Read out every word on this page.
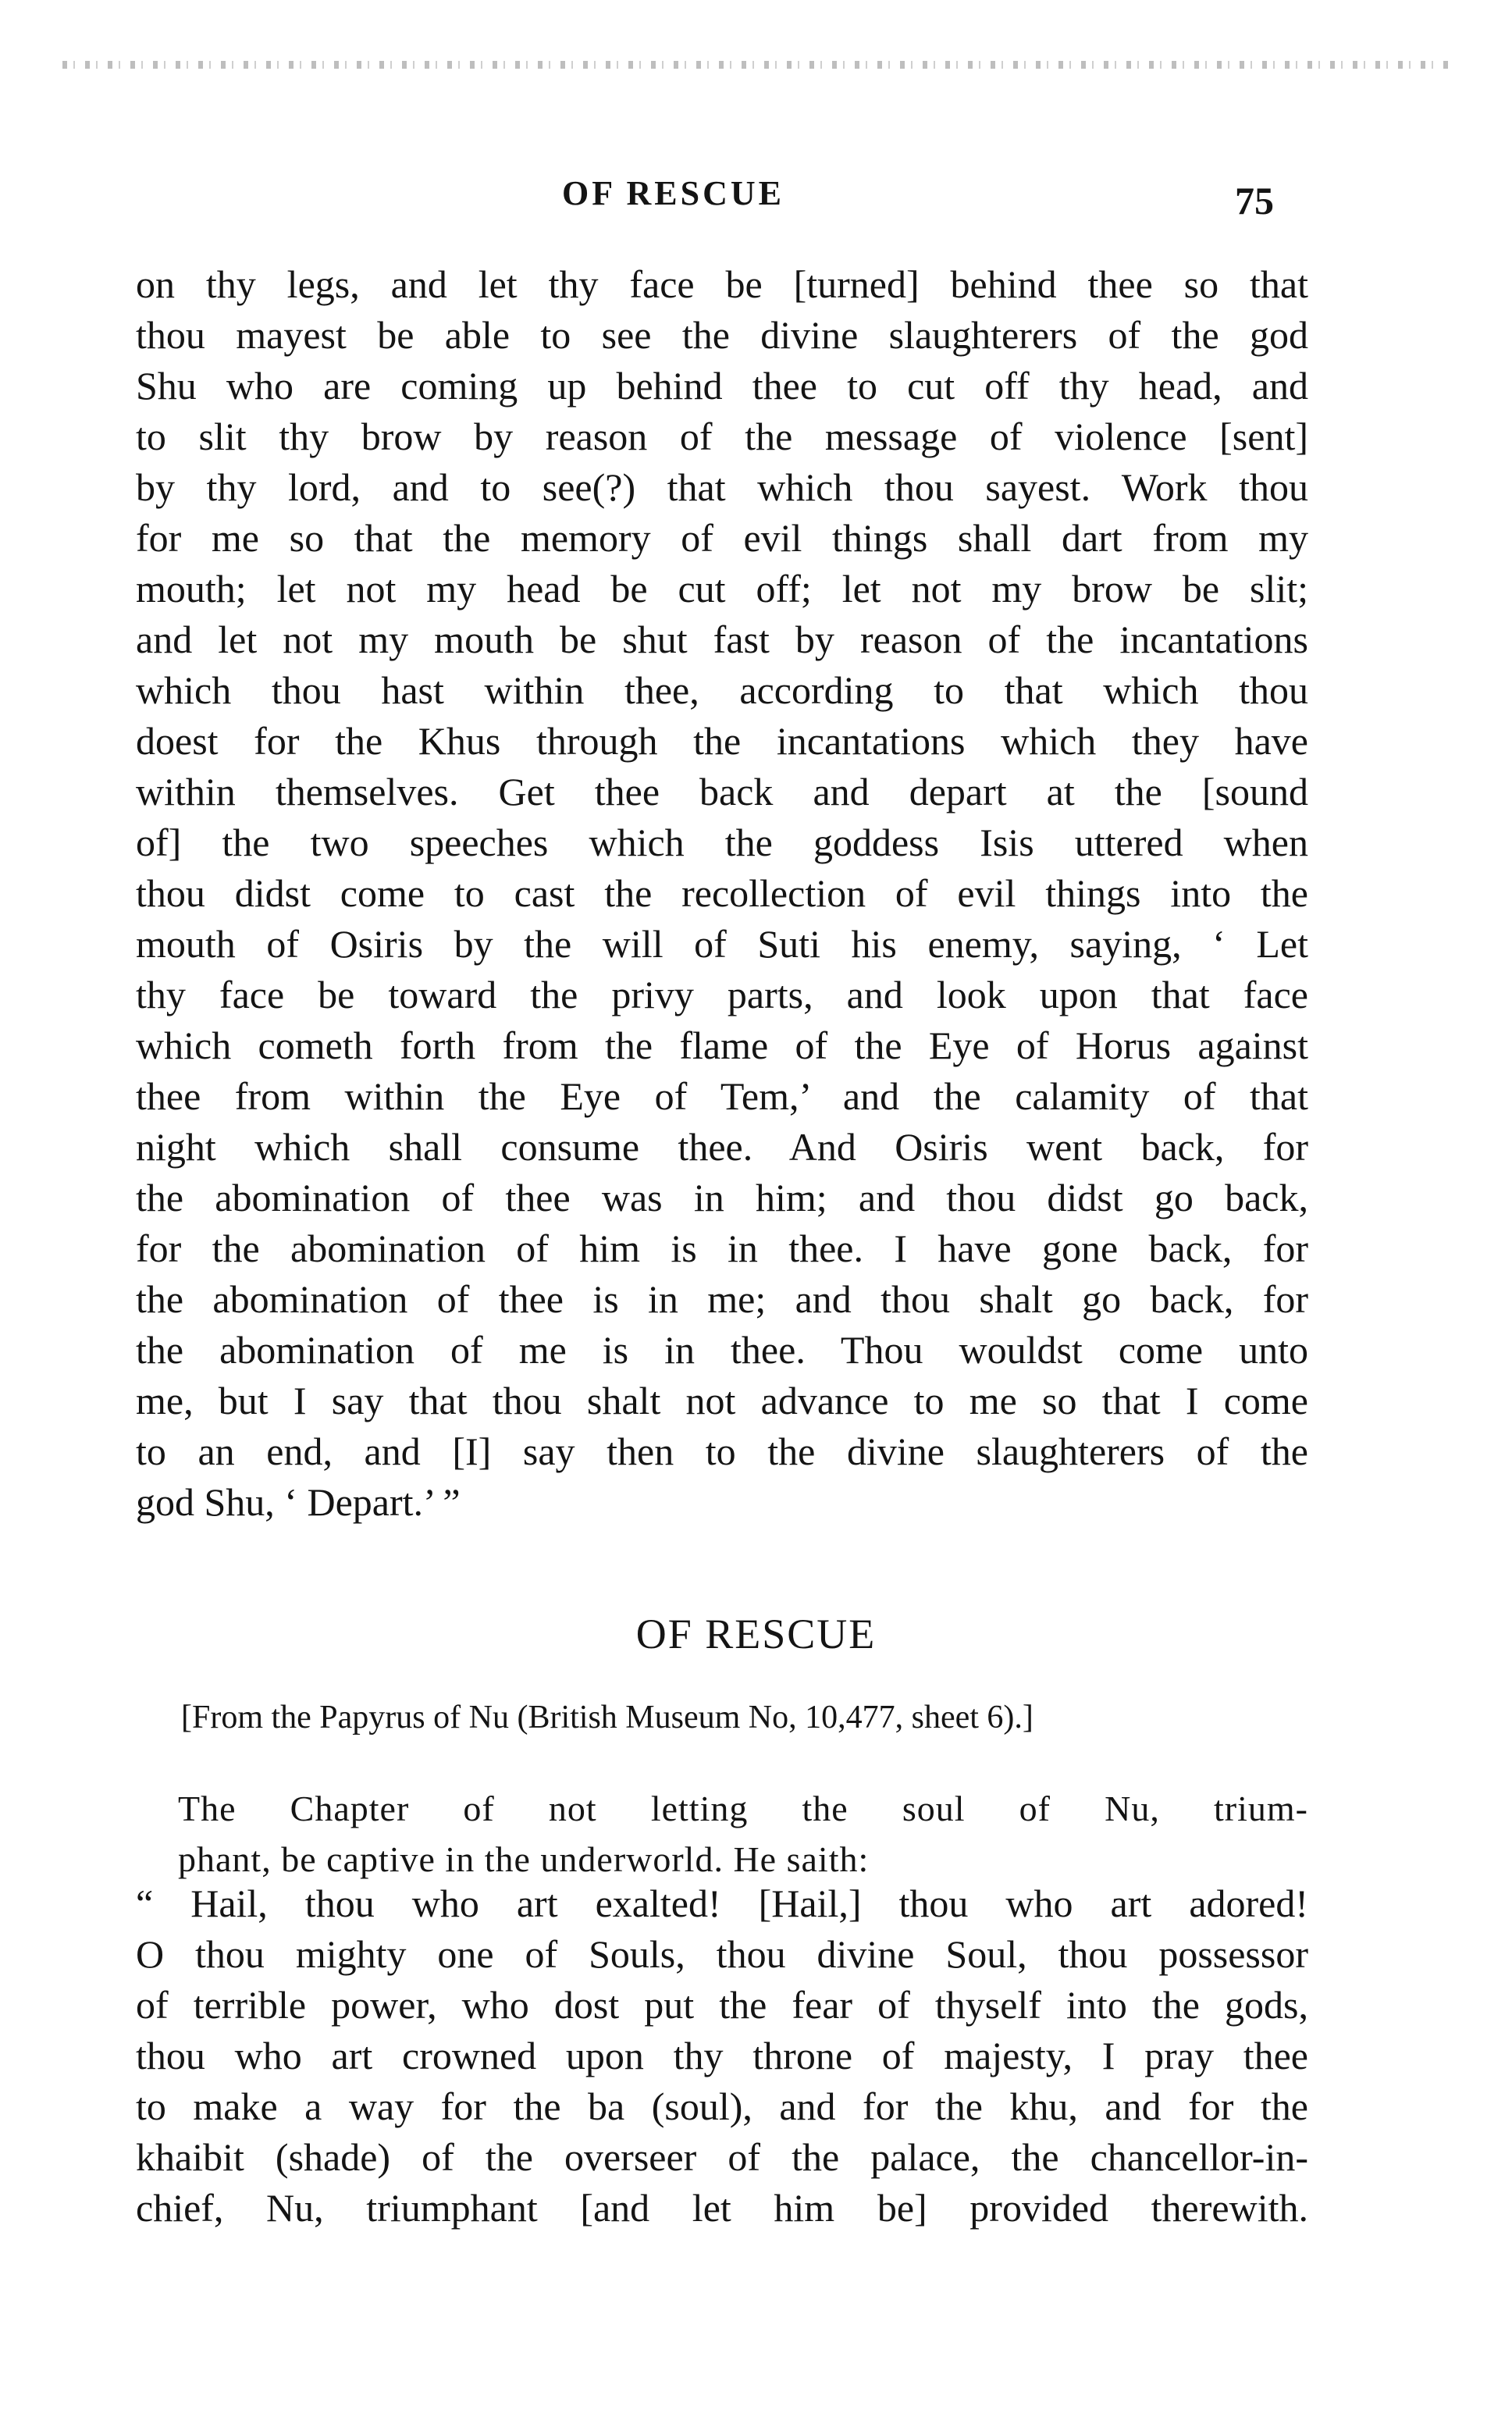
OF RESCUE	75
on thy legs, and let thy face be [turned] behind thee so that
thou mayest be able to see the divine slaughterers of the god
Shu who are coming up behind thee to cut off thy head, and
to slit thy brow by reason of the message of violence [sent]
by thy lord, and to see(?) that which thou sayest. Work thou
for me so that the memory of evil things shall dart from my
mouth; let not my head be cut off; let not my brow be slit;
and let not my mouth be shut fast by reason of the incantations
which thou hast within thee, according to that which thou
doest for the Khus through the incantations which they have
within themselves. Get thee back and depart at the [sound
of] the two speeches which the goddess Isis uttered when
thou didst come to cast the recollection of evil things into the
mouth of Osiris by the will of Suti his enemy, saying, ‘ Let
thy face be toward the privy parts, and look upon that face
which cometh forth from the flame of the Eye of Horus against
thee from within the Eye of Tem,’ and the calamity of that
night which shall consume thee. And Osiris went back, for
the abomination of thee was in him; and thou didst go back,
for the abomination of him is in thee. I have gone back, for
the abomination of thee is in me; and thou shalt go back, for
the abomination of me is in thee. Thou wouldst come unto
me, but I say that thou shalt not advance to me so that I come
to an end, and [I] say then to the divine slaughterers of the
god Shu, ‘ Depart.’ ”
OF RESCUE
[From the Papyrus of Nu (British Museum No, 10,477, sheet 6).]
The Chapter of not letting the soul of Nu, trium-
phant, be captive in the underworld. He saith:
“ Hail, thou who art exalted! [Hail,] thou who art adored!
O thou mighty one of Souls, thou divine Soul, thou possessor
of terrible power, who dost put the fear of thyself into the gods,
thou who art crowned upon thy throne of majesty, I pray thee
to make a way for the ba (soul), and for the khu, and for the
khaibit (shade) of the overseer of the palace, the chancellor-in-
chief, Nu, triumphant [and let him be] provided therewith.
